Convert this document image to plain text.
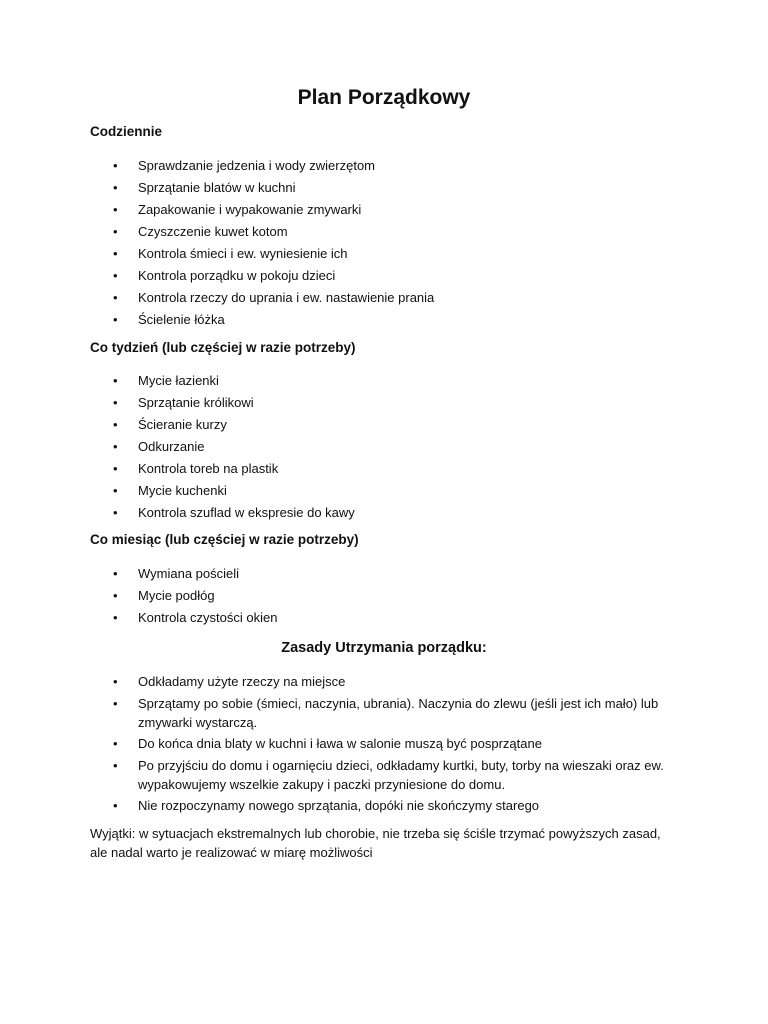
Plan Porządkowy
Codziennie
• Sprawdzanie jedzenia i wody zwierzętom
• Sprzątanie blatów w kuchni
• Zapakowanie i wypakowanie zmywarki
• Czyszczenie kuwet kotom
• Kontrola śmieci i ew. wyniesienie ich
• Kontrola porządku w pokoju dzieci
• Kontrola rzeczy do uprania i ew. nastawienie prania
• Ścielenie łóżka
Co tydzień (lub częściej w razie potrzeby)
• Mycie łazienki
• Sprzątanie królikowi
• Ścieranie kurzy
• Odkurzanie
• Kontrola toreb na plastik
• Mycie kuchenki
• Kontrola szuflad w ekspresie do kawy
Co miesiąc (lub częściej w razie potrzeby)
• Wymiana pościeli
• Mycie podłóg
• Kontrola czystości okien
Zasady Utrzymania porządku:
• Odkładamy użyte rzeczy na miejsce
• Sprzątamy po sobie (śmieci, naczynia, ubrania). Naczynia do zlewu (jeśli jest ich mało) lub zmywarki wystarczą.
• Do końca dnia blaty w kuchni i ława w salonie muszą być posprzątane
• Po przyjściu do domu i ogarnięciu dzieci, odkładamy kurtki, buty, torby na wieszaki oraz ew. wypakowujemy wszelkie zakupy i paczki przyniesione do domu.
• Nie rozpoczynamy nowego sprzątania, dopóki nie skończymy starego

Wyjątki: w sytuacjach ekstremalnych lub chorobie, nie trzeba się ściśle trzymać powyższych zasad, ale nadal warto je realizować w miarę możliwości
